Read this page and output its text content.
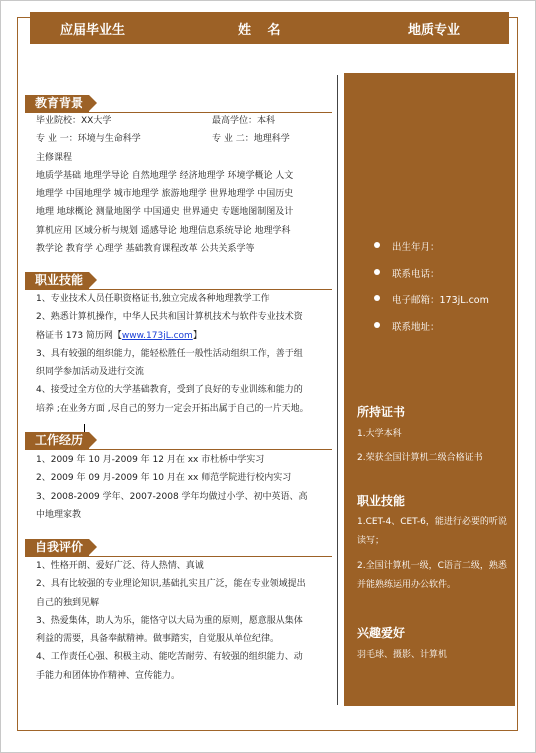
应届毕业生	姓 名	地质专业
出生年月：
联系电话：
电子邮箱：173jL.com
联系地址：
所持证书
1.大学本科
2.荣获全国计算机二级合格证书
职业技能
1.CET-4、CET-6，能进行必要的听说读写；
2.全国计算机一级，C语言二级，熟悉并能熟练运用办公软件。
兴趣爱好
羽毛球、摄影、计算机
教育背景
毕业院校：XX大学	最高学位：本科
专 业 一：环境与生命科学	专 业 二：地理科学
主修课程
地质学基础 地理学导论 自然地理学 经济地理学 环境学概论 人文
地理学 中国地理学 城市地理学 旅游地理学 世界地理学 中国历史
地理 地球概论 测量地图学 中国通史 世界通史 专题地图制图及计
算机应用 区域分析与规划 遥感导论 地理信息系统导论 地理学科
教学论 教育学 心理学 基础教育课程改革 公共关系学等
职业技能
1、专业技术人员任职资格证书,独立完成各种地理教学工作
2、熟悉计算机操作，中华人民共和国计算机技术与软件专业技术资
格证书 173 简历网【www.173jL.com】
3、具有较强的组织能力，能轻松胜任一般性活动组织工作，善于组
织同学参加活动及进行交流
4、接受过全方位的大学基础教育，受到了良好的专业训练和能力的
培养 ;在业务方面 ,尽自己的努力一定会开拓出属于自己的一片天地。
工作经历
1、2009 年 10 月-2009 年 12 月在 xx 市杜桥中学实习
2、2009 年 09 月-2009 年 10 月在 xx 师范学院进行校内实习
3、2008-2009 学年、2007-2008 学年均做过小学、初中英语、高
中地理家教
自我评价
1、性格开朗、爱好广泛、待人热情、真诚
2、具有比较强的专业理论知识,基础扎实且广泛，能在专业领域提出
自己的独到见解
3、热爱集体，助人为乐，能恪守以大局为重的原则，愿意服从集体
利益的需要，具备奉献精神。做事踏实，自觉服从单位纪律。
4、工作责任心强、积极主动、能吃苦耐劳、有较强的组织能力、动
手能力和团体协作精神、宣传能力。
